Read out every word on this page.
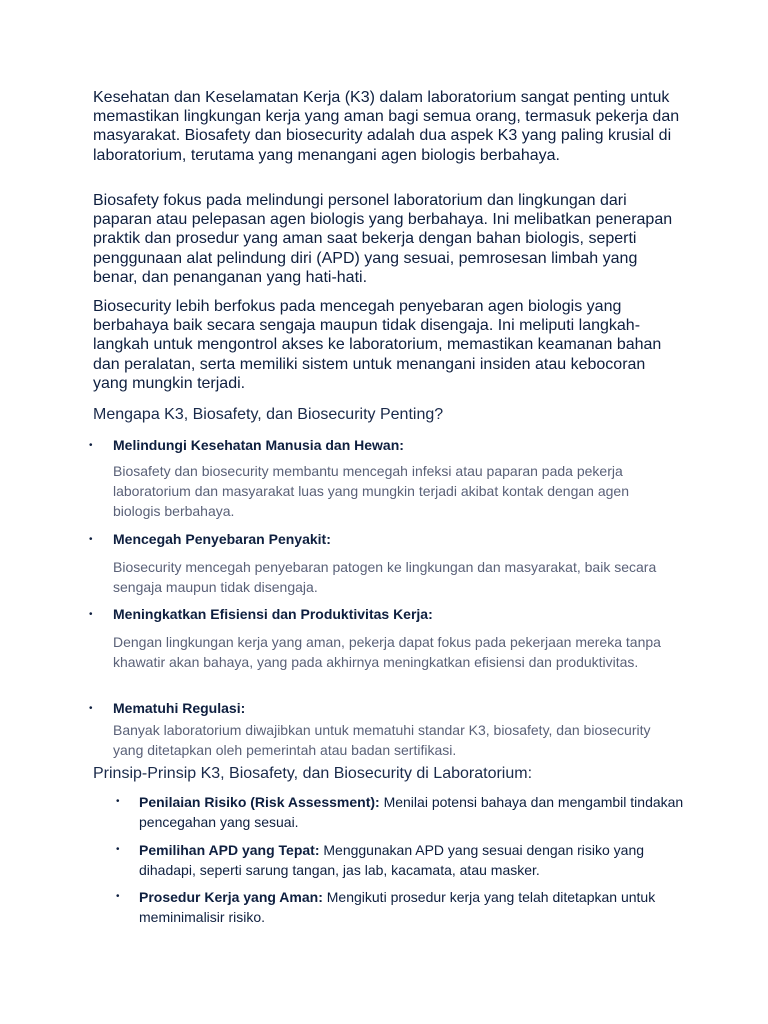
Kesehatan dan Keselamatan Kerja (K3) dalam laboratorium sangat penting untuk memastikan lingkungan kerja yang aman bagi semua orang, termasuk pekerja dan masyarakat. Biosafety dan biosecurity adalah dua aspek K3 yang paling krusial di laboratorium, terutama yang menangani agen biologis berbahaya.

Biosafety fokus pada melindungi personel laboratorium dan lingkungan dari paparan atau pelepasan agen biologis yang berbahaya. Ini melibatkan penerapan praktik dan prosedur yang aman saat bekerja dengan bahan biologis, seperti penggunaan alat pelindung diri (APD) yang sesuai, pemrosesan limbah yang benar, dan penanganan yang hati-hati.

Biosecurity lebih berfokus pada mencegah penyebaran agen biologis yang berbahaya baik secara sengaja maupun tidak disengaja. Ini meliputi langkah-langkah untuk mengontrol akses ke laboratorium, memastikan keamanan bahan dan peralatan, serta memiliki sistem untuk menangani insiden atau kebocoran yang mungkin terjadi.

Mengapa K3, Biosafety, dan Biosecurity Penting?
• Melindungi Kesehatan Manusia dan Hewan:

Biosafety dan biosecurity membantu mencegah infeksi atau paparan pada pekerja laboratorium dan masyarakat luas yang mungkin terjadi akibat kontak dengan agen biologis berbahaya.

• Mencegah Penyebaran Penyakit:

Biosecurity mencegah penyebaran patogen ke lingkungan dan masyarakat, baik secara sengaja maupun tidak disengaja.

• Meningkatkan Efisiensi dan Produktivitas Kerja:

Dengan lingkungan kerja yang aman, pekerja dapat fokus pada pekerjaan mereka tanpa khawatir akan bahaya, yang pada akhirnya meningkatkan efisiensi dan produktivitas.

• Mematuhi Regulasi:

Banyak laboratorium diwajibkan untuk mematuhi standar K3, biosafety, dan biosecurity yang ditetapkan oleh pemerintah atau badan sertifikasi.

Prinsip-Prinsip K3, Biosafety, dan Biosecurity di Laboratorium:
• Penilaian Risiko (Risk Assessment): Menilai potensi bahaya dan mengambil tindakan pencegahan yang sesuai.

• Pemilihan APD yang Tepat: Menggunakan APD yang sesuai dengan risiko yang dihadapi, seperti sarung tangan, jas lab, kacamata, atau masker.

• Prosedur Kerja yang Aman: Mengikuti prosedur kerja yang telah ditetapkan untuk meminimalisir risiko.
